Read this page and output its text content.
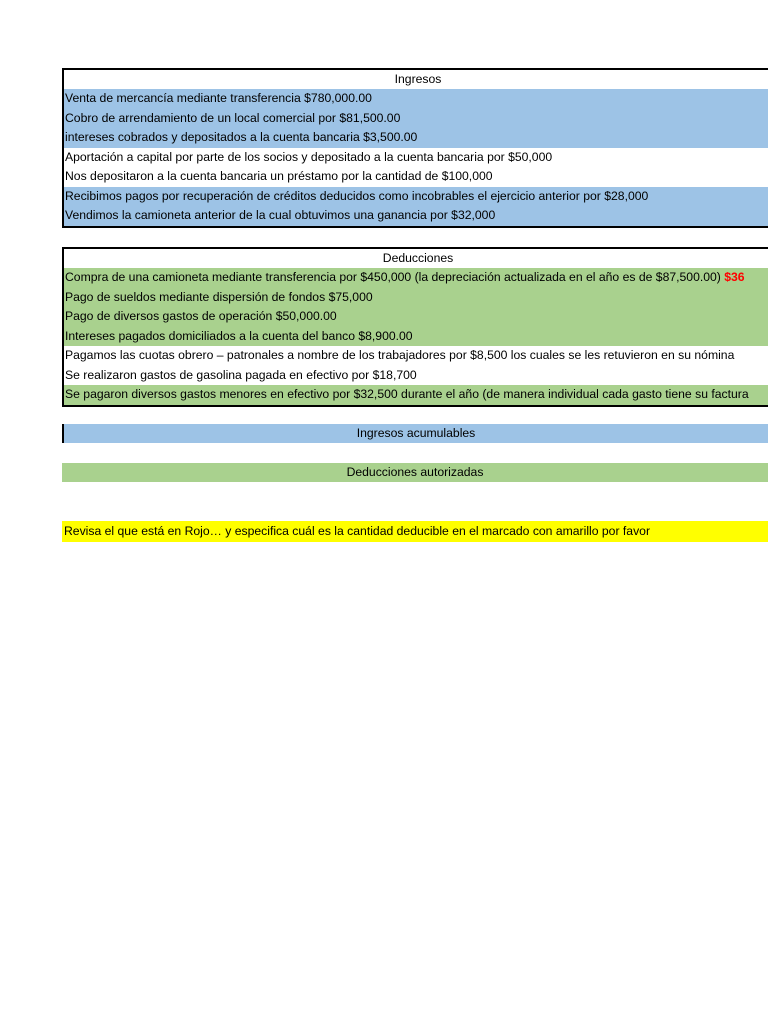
Ingresos
Venta de mercancía mediante transferencia $780,000.00
Cobro de arrendamiento de un local comercial por $81,500.00
intereses cobrados y depositados a la cuenta bancaria $3,500.00
Aportación a capital por parte de los socios y depositado a la cuenta bancaria por $50,000
Nos depositaron a la cuenta bancaria un préstamo por la cantidad de $100,000
Recibimos pagos por recuperación de créditos deducidos como incobrables el ejercicio anterior por $28,000
Vendimos la camioneta anterior de la cual obtuvimos una ganancia por $32,000
Deducciones
Compra de una camioneta mediante transferencia por $450,000 (la depreciación actualizada en el año es de $87,500.00) $36
Pago de sueldos mediante dispersión de fondos $75,000
Pago de diversos gastos de operación $50,000.00
Intereses pagados domiciliados a la cuenta del banco $8,900.00
Pagamos las cuotas obrero – patronales a nombre de los trabajadores por $8,500 los cuales se les retuvieron en su nómina
Se realizaron gastos de gasolina pagada en efectivo por $18,700
Se pagaron diversos gastos menores en efectivo por $32,500 durante el año (de manera individual cada gasto tiene su factura
Ingresos acumulables
Deducciones autorizadas
Revisa el que está en Rojo… y especifica cuál es la cantidad deducible en el marcado con amarillo por favor
